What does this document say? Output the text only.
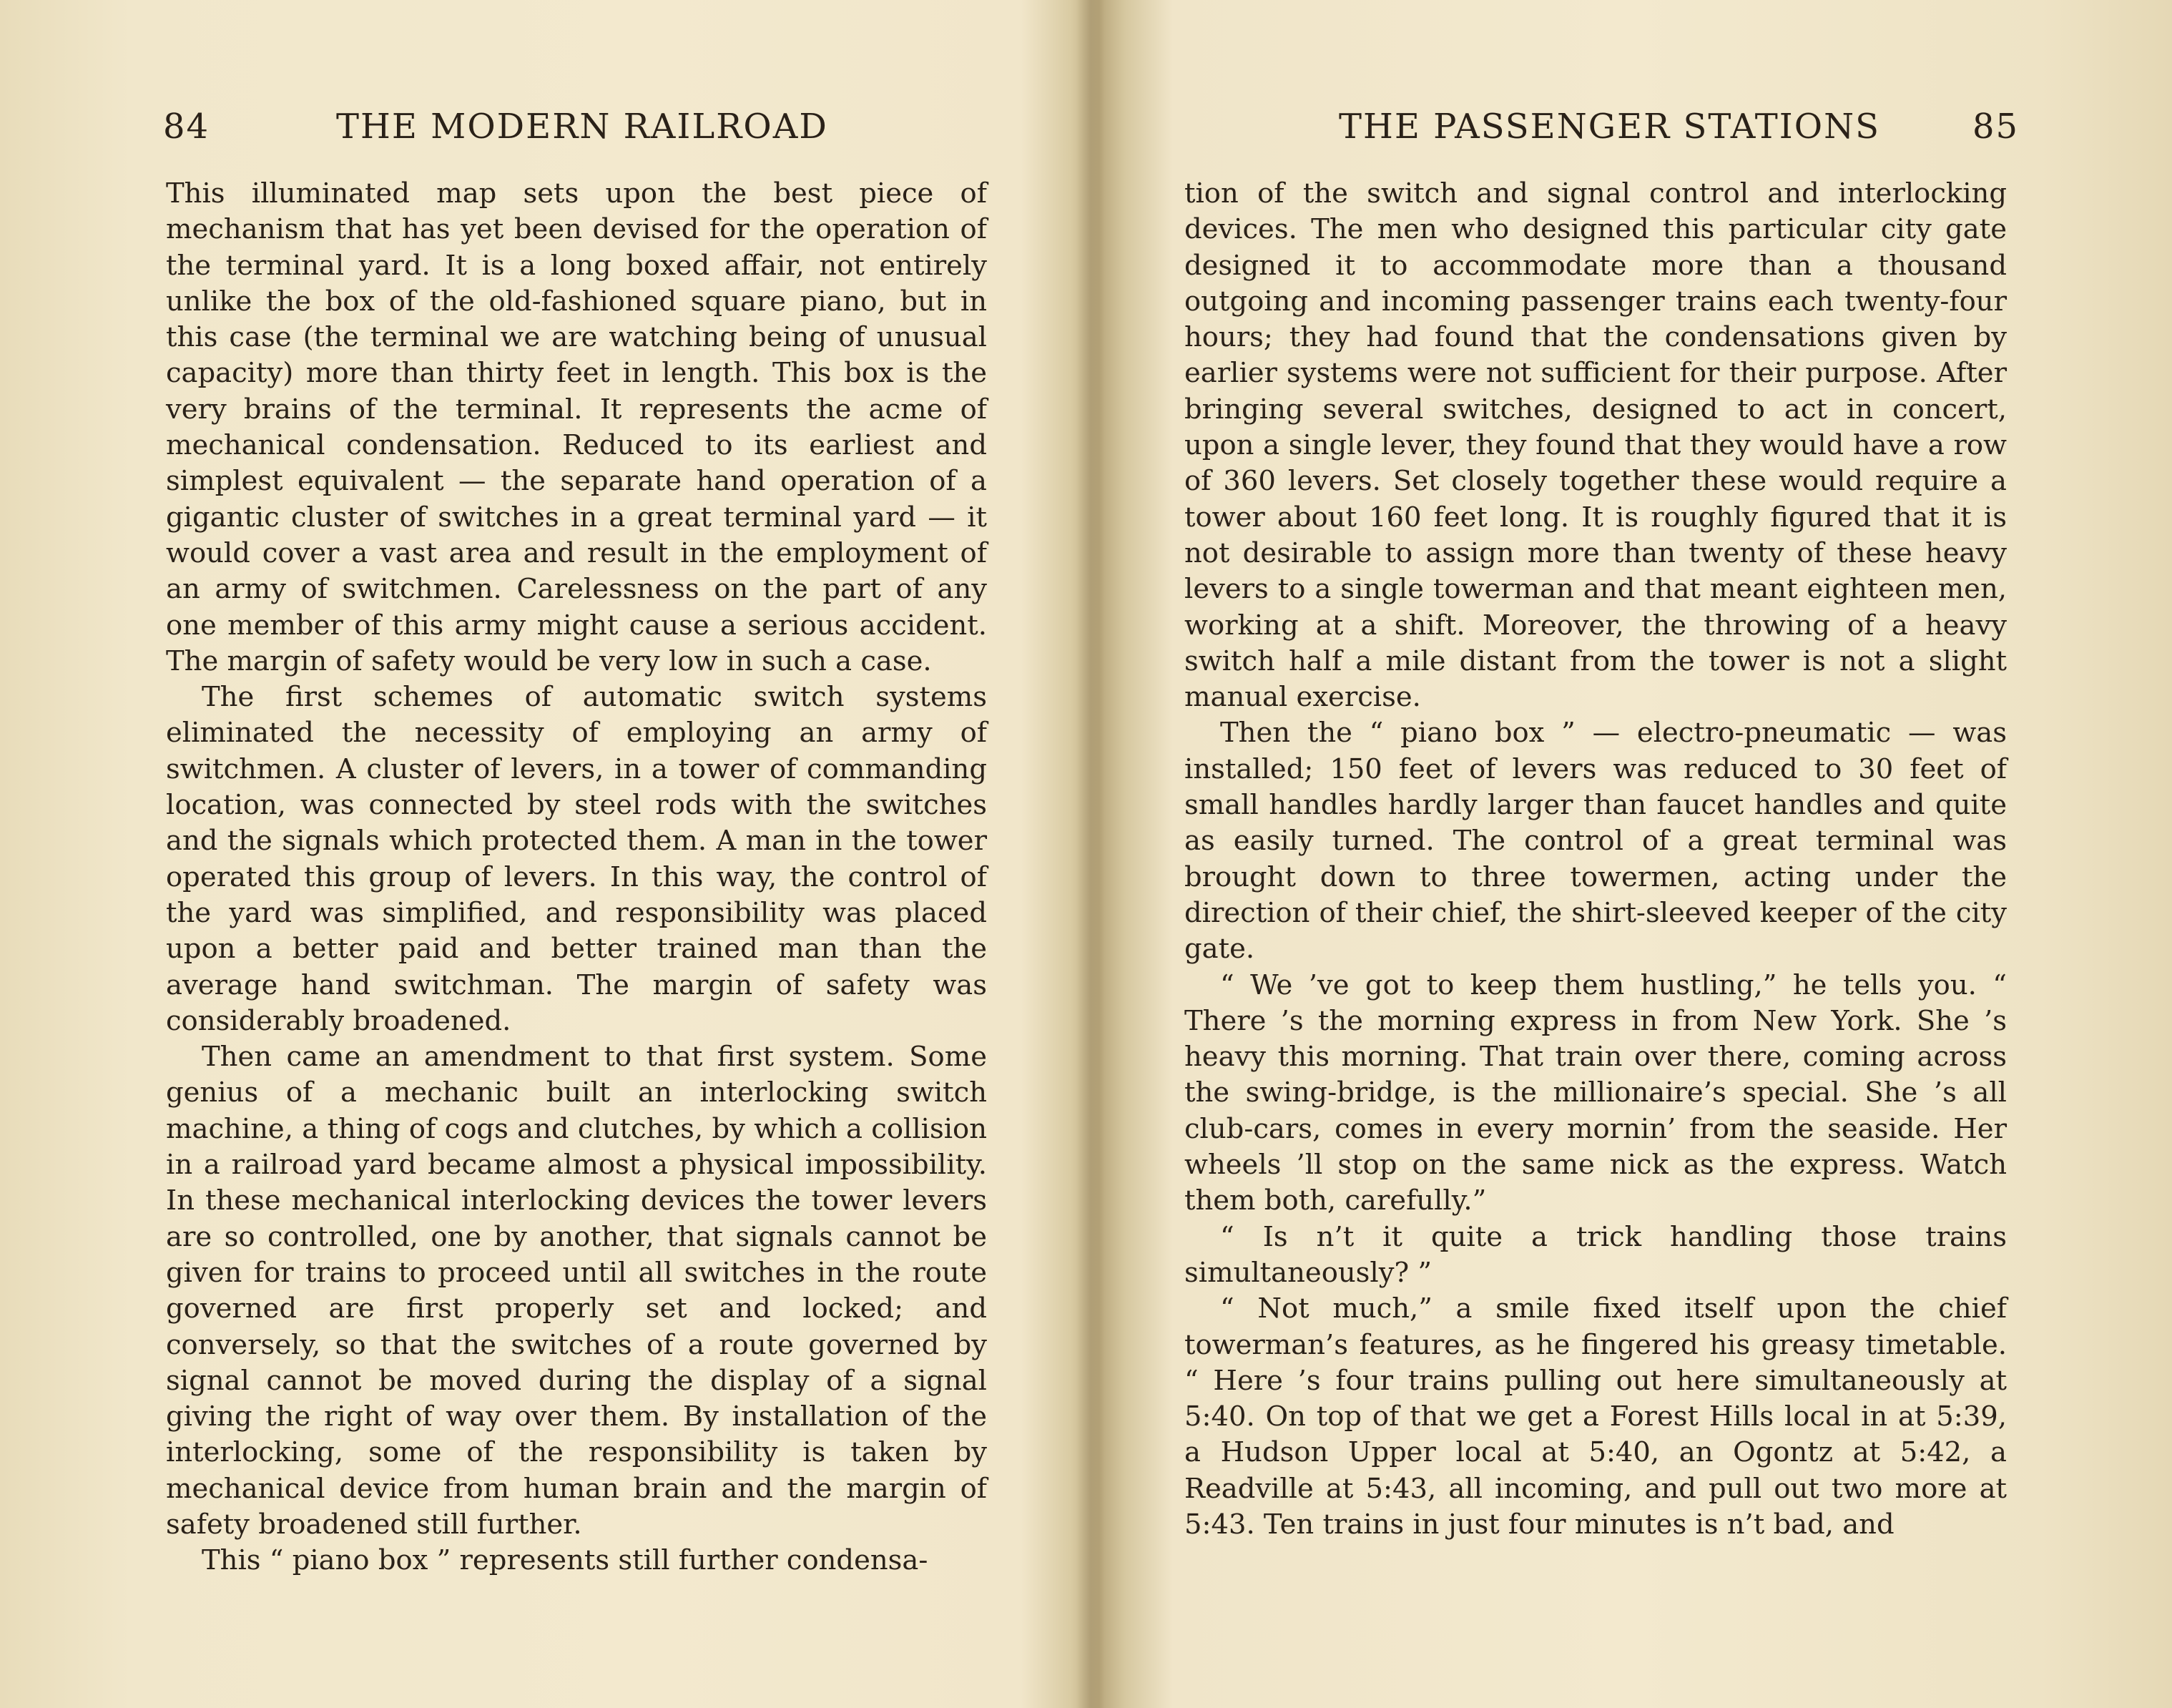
84	THE MODERN RAILROAD

This illuminated map sets upon the best piece of mechanism that has yet been devised for the operation of the terminal yard. It is a long boxed affair, not entirely unlike the box of the old-fashioned square piano, but in this case (the terminal we are watching being of unusual capacity) more than thirty feet in length. This box is the very brains of the terminal. It represents the acme of mechanical condensation. Reduced to its earliest and simplest equivalent — the separate hand operation of a gigantic cluster of switches in a great terminal yard — it would cover a vast area and result in the employment of an army of switchmen. Carelessness on the part of any one member of this army might cause a serious accident. The margin of safety would be very low in such a case.

The first schemes of automatic switch systems eliminated the necessity of employing an army of switchmen. A cluster of levers, in a tower of commanding location, was connected by steel rods with the switches and the signals which protected them. A man in the tower operated this group of levers. In this way, the control of the yard was simplified, and responsibility was placed upon a better paid and better trained man than the average hand switchman. The margin of safety was considerably broadened.

Then came an amendment to that first system. Some genius of a mechanic built an interlocking switch machine, a thing of cogs and clutches, by which a collision in a railroad yard became almost a physical impossibility. In these mechanical interlocking devices the tower levers are so controlled, one by another, that signals cannot be given for trains to proceed until all switches in the route governed are first properly set and locked; and conversely, so that the switches of a route governed by signal cannot be moved during the display of a signal giving the right of way over them. By installation of the interlocking, some of the responsibility is taken by mechanical device from human brain and the margin of safety broadened still further.

This “ piano box ” represents still further condensa-

THE PASSENGER STATIONS	85

tion of the switch and signal control and interlocking devices. The men who designed this particular city gate designed it to accommodate more than a thousand outgoing and incoming passenger trains each twenty-four hours; they had found that the condensations given by earlier systems were not sufficient for their purpose. After bringing several switches, designed to act in concert, upon a single lever, they found that they would have a row of 360 levers. Set closely together these would require a tower about 160 feet long. It is roughly figured that it is not desirable to assign more than twenty of these heavy levers to a single towerman and that meant eighteen men, working at a shift. Moreover, the throwing of a heavy switch half a mile distant from the tower is not a slight manual exercise.

Then the “ piano box ” — electro-pneumatic — was installed; 150 feet of levers was reduced to 30 feet of small handles hardly larger than faucet handles and quite as easily turned. The control of a great terminal was brought down to three towermen, acting under the direction of their chief, the shirt-sleeved keeper of the city gate.

“ We ’ve got to keep them hustling,” he tells you. “ There ’s the morning express in from New York. She ’s heavy this morning. That train over there, coming across the swing-bridge, is the millionaire’s special. She ’s all club-cars, comes in every mornin’ from the seaside. Her wheels ’ll stop on the same nick as the express. Watch them both, carefully.”

“ Is n’t it quite a trick handling those trains simultaneously? ”

“ Not much,” a smile fixed itself upon the chief towerman’s features, as he fingered his greasy timetable. “ Here ’s four trains pulling out here simultaneously at 5:40. On top of that we get a Forest Hills local in at 5:39, a Hudson Upper local at 5:40, an Ogontz at 5:42, a Readville at 5:43, all incoming, and pull out two more at 5:43. Ten trains in just four minutes is n’t bad, and
